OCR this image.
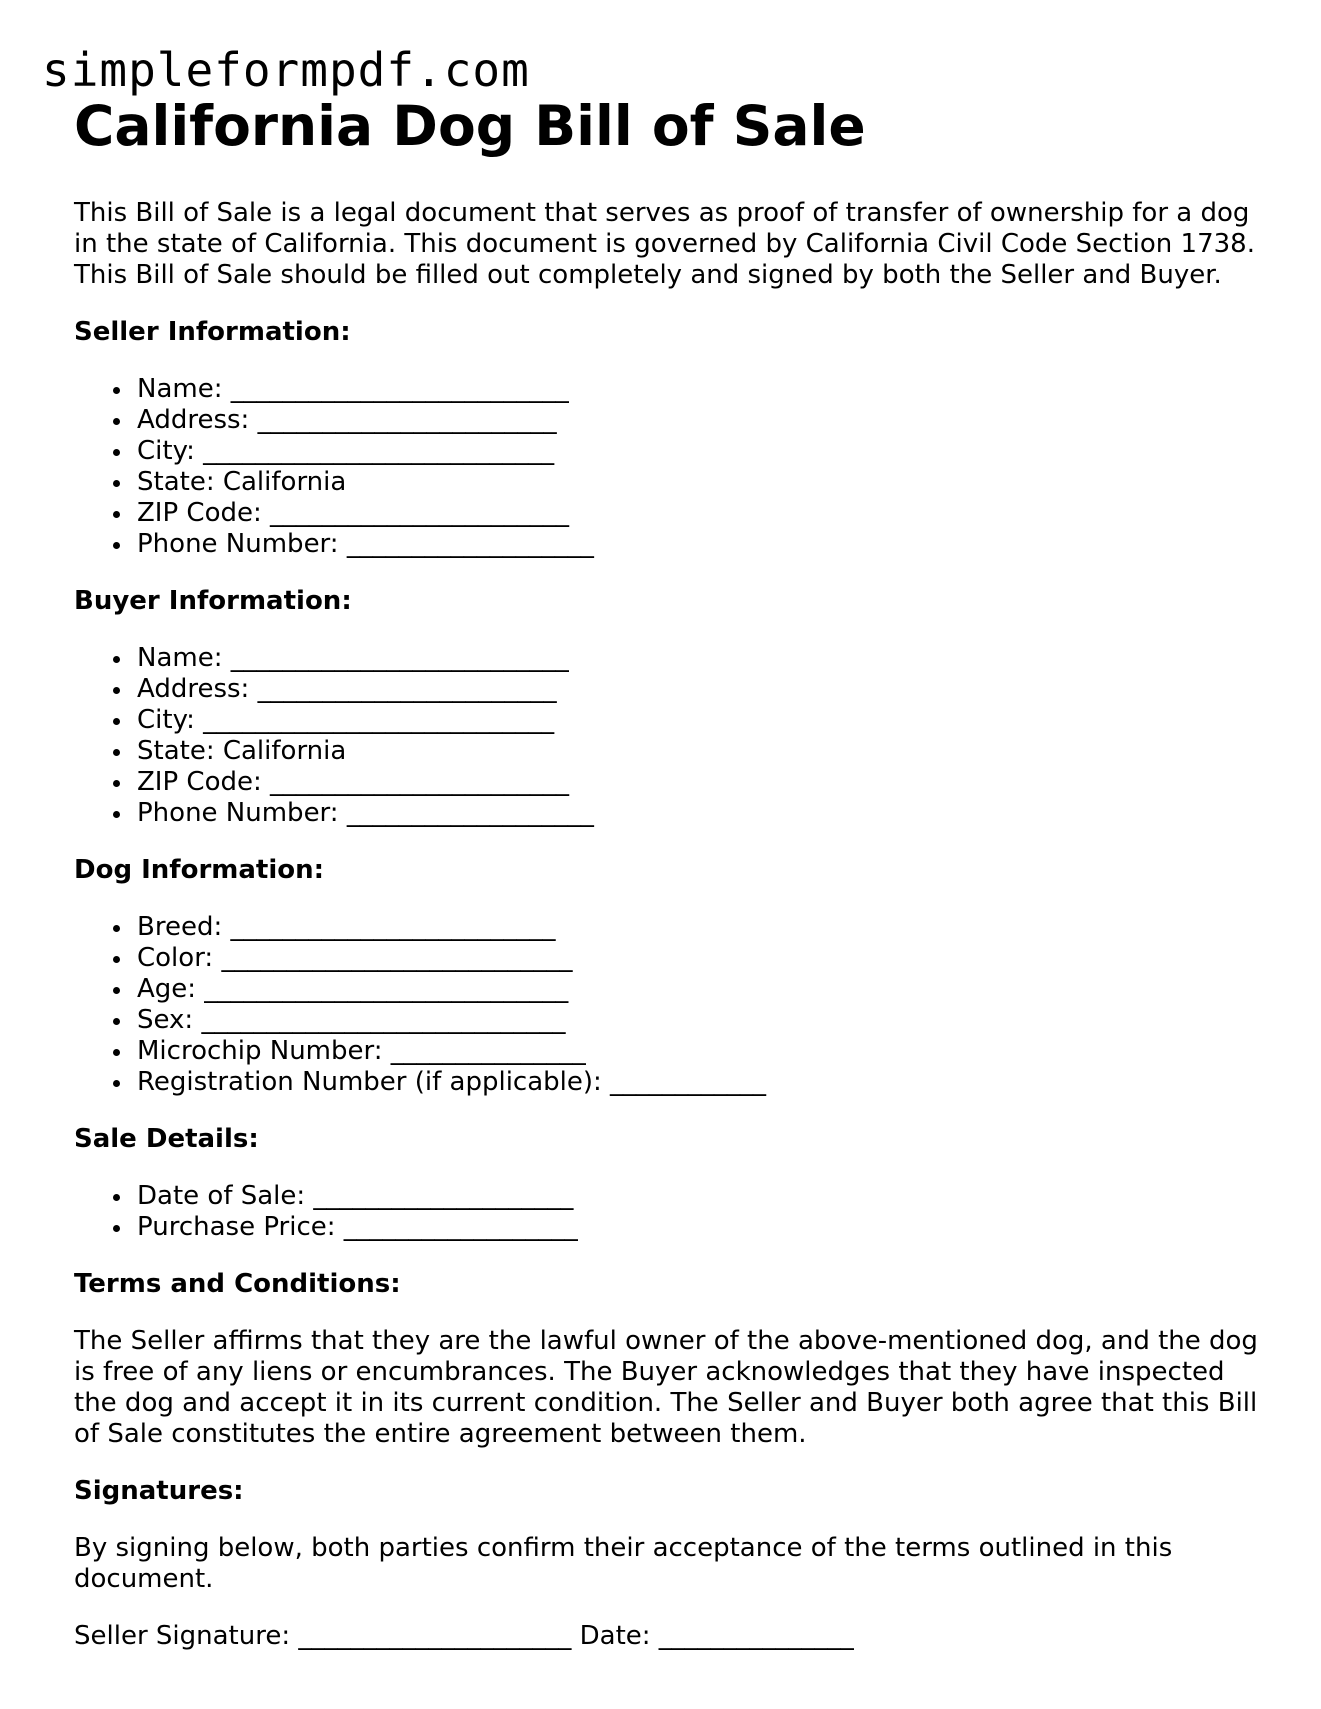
simpleformpdf.com
California Dog Bill of Sale

This Bill of Sale is a legal document that serves as proof of transfer of ownership for a dog in the state of California. This document is governed by California Civil Code Section 1738. This Bill of Sale should be filled out completely and signed by both the Seller and Buyer.

Seller Information:
Name: __________________________
Address: _______________________
City: ___________________________
State: California
ZIP Code: _______________________
Phone Number: ___________________
Buyer Information:
Name: __________________________
Address: _______________________
City: ___________________________
State: California
ZIP Code: _______________________
Phone Number: ___________________
Dog Information:
Breed: _________________________
Color: ___________________________
Age: ____________________________
Sex: ____________________________
Microchip Number: _______________
Registration Number (if applicable): ____________
Sale Details:
Date of Sale: ____________________
Purchase Price: __________________
Terms and Conditions:

The Seller affirms that they are the lawful owner of the above-mentioned dog, and the dog is free of any liens or encumbrances. The Buyer acknowledges that they have inspected the dog and accept it in its current condition. The Seller and Buyer both agree that this Bill of Sale constitutes the entire agreement between them.

Signatures:

By signing below, both parties confirm their acceptance of the terms outlined in this document.

Seller Signature: _____________________ Date: _______________
